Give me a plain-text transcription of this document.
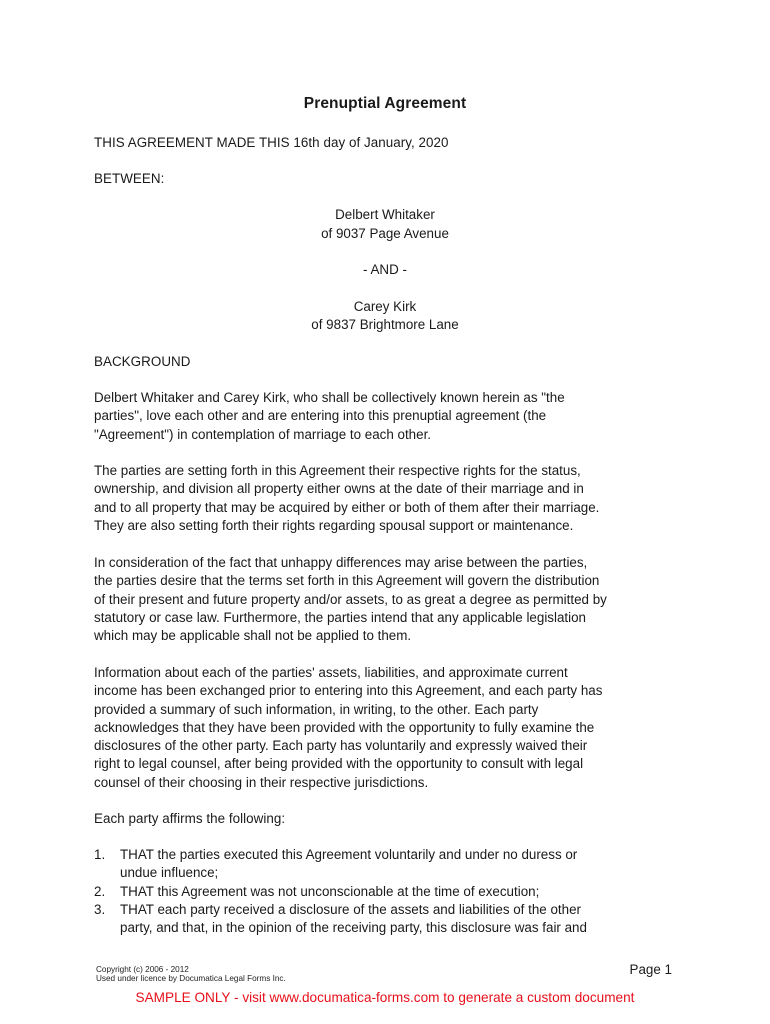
Prenuptial Agreement
THIS AGREEMENT MADE THIS 16th day of January, 2020
BETWEEN:
Delbert Whitaker
of 9037 Page Avenue
- AND -
Carey Kirk
of 9837 Brightmore Lane
BACKGROUND
Delbert Whitaker and Carey Kirk, who shall be collectively known herein as "the
parties", love each other and are entering into this prenuptial agreement (the
"Agreement") in contemplation of marriage to each other.
The parties are setting forth in this Agreement their respective rights for the status,
ownership, and division all property either owns at the date of their marriage and in
and to all property that may be acquired by either or both of them after their marriage.
They are also setting forth their rights regarding spousal support or maintenance.
In consideration of the fact that unhappy differences may arise between the parties,
the parties desire that the terms set forth in this Agreement will govern the distribution
of their present and future property and/or assets, to as great a degree as permitted by
statutory or case law. Furthermore, the parties intend that any applicable legislation
which may be applicable shall not be applied to them.
Information about each of the parties' assets, liabilities, and approximate current
income has been exchanged prior to entering into this Agreement, and each party has
provided a summary of such information, in writing, to the other. Each party
acknowledges that they have been provided with the opportunity to fully examine the
disclosures of the other party. Each party has voluntarily and expressly waived their
right to legal counsel, after being provided with the opportunity to consult with legal
counsel of their choosing in their respective jurisdictions.
Each party affirms the following:
1. THAT the parties executed this Agreement voluntarily and under no duress or
undue influence;
2. THAT this Agreement was not unconscionable at the time of execution;
3. THAT each party received a disclosure of the assets and liabilities of the other
party, and that, in the opinion of the receiving party, this disclosure was fair and
Copyright (c) 2006 - 2012
Used under licence by Documatica Legal Forms Inc.
Page 1
SAMPLE ONLY - visit www.documatica-forms.com to generate a custom document
